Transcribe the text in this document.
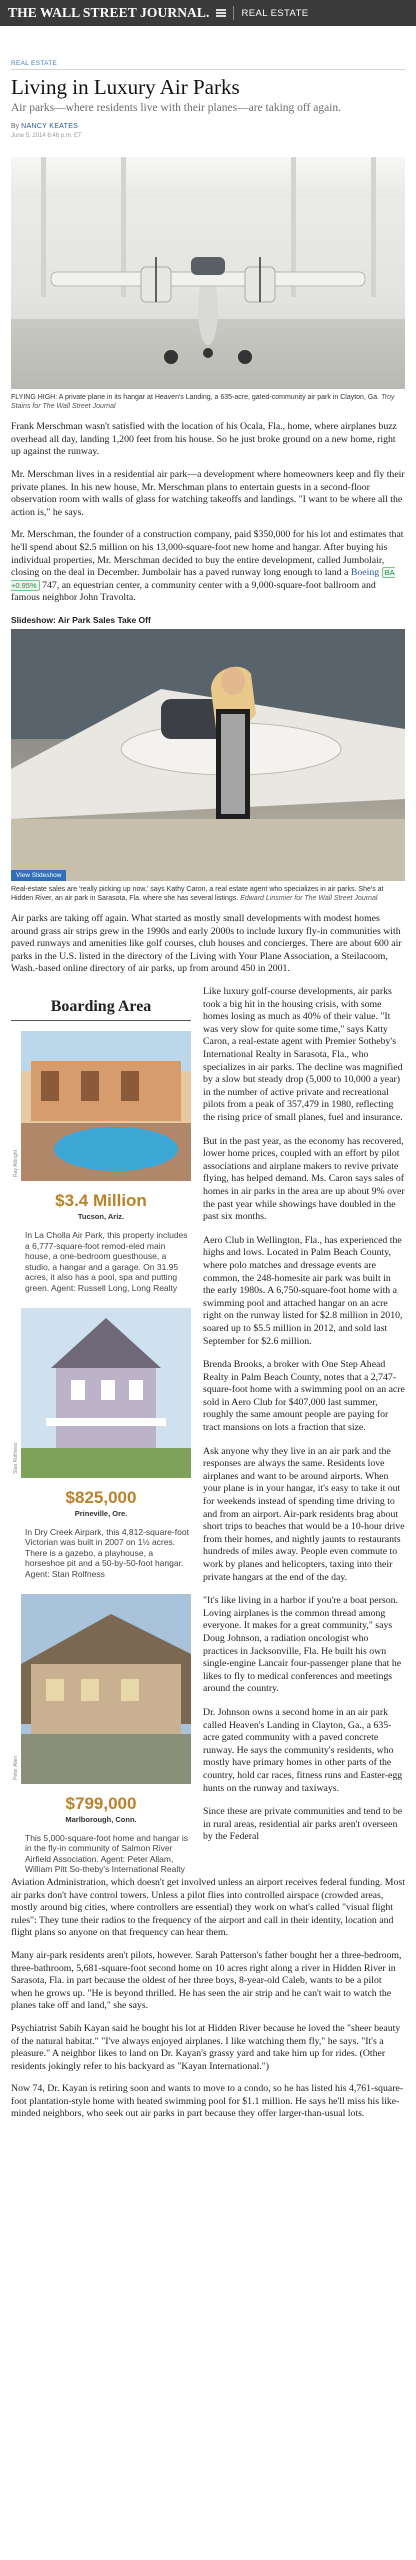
THE WALL STREET JOURNAL.	REAL ESTATE
REAL ESTATE
Living in Luxury Air Parks
Air parks—where residents live with their planes—are taking off again.
By NANCY KEATES
June 5, 2014 6:46 p.m. ET
FLYING HIGH: A private plane in its hangar at Heaven's Landing, a 635-acre, gated-community air park in Clayton, Ga. Troy Stains for The Wall Street Journal

Frank Merschman wasn't satisfied with the location of his Ocala, Fla., home, where airplanes buzz overhead all day, landing 1,200 feet from his house. So he just broke ground on a new home, right up against the runway.

Mr. Merschman lives in a residential air park—a development where homeowners keep and fly their private planes. In his new house, Mr. Merschman plans to entertain guests in a second-floor observation room with walls of glass for watching takeoffs and landings. "I want to be where all the action is," he says.

Mr. Merschman, the founder of a construction company, paid $350,000 for his lot and estimates that he'll spend about $2.5 million on his 13,000-square-foot new home and hangar. After buying his individual properties, Mr. Merschman decided to buy the entire development, called Jumbolair, closing on the deal in December. Jumbolair has a paved runway long enough to land a Boeing BA +0.95% 747, an equestrian center, a community center with a 9,000-square-foot ballroom and famous neighbor John Travolta.

Slideshow: Air Park Sales Take Off
View Slideshow
Real-estate sales are 'really picking up now,' says Kathy Caron, a real estate agent who specializes in air parks. She's at Hidden River, an air park in Sarasota, Fla. where she has several listings. Edward Linsmier for The Wall Street Journal

Air parks are taking off again. What started as mostly small developments with modest homes around grass air strips grew in the 1990s and early 2000s to include luxury fly-in communities with paved runways and amenities like golf courses, club houses and concierges. There are about 600 air parks in the U.S. listed in the directory of the Living with Your Plane Association, a Steilacoom, Wash.-based online directory of air parks, up from around 450 in 2001.

Boarding Area
Ray Albright
$3.4 Million
Tucson, Ariz.
In La Cholla Air Park, this property includes a 6,777-square-foot remod-eled main house, a one-bedroom guesthouse, a studio, a hangar and a garage. On 31.95 acres, it also has a pool, spa and putting green. Agent: Russell Long, Long Realty
Stan Rolfness
$825,000
Prineville, Ore.
In Dry Creek Airpark, this 4,812-square-foot Victorian was built in 2007 on 1½ acres. There is a gazebo, a playhouse, a horseshoe pit and a 50-by-50-foot hangar. Agent: Stan Rolfness
Peter Allen
$799,000
Marlborough, Conn.
This 5,000-square-foot home and hangar is in the fly-in community of Salmon River Airfield Association. Agent: Peter Allam, William Pitt So-theby's International Realty

Like luxury golf-course developments, air parks took a big hit in the housing crisis, with some homes losing as much as 40% of their value. "It was very slow for quite some time," says Katty Caron, a real-estate agent with Premier Sotheby's International Realty in Sarasota, Fla., who specializes in air parks. The decline was magnified by a slow but steady drop (5,000 to 10,000 a year) in the number of active private and recreational pilots from a peak of 357,479 in 1980, reflecting the rising price of small planes, fuel and insurance.

But in the past year, as the economy has recovered, lower home prices, coupled with an effort by pilot associations and airplane makers to revive private flying, has helped demand. Ms. Caron says sales of homes in air parks in the area are up about 9% over the past year while showings have doubled in the past six months.

Aero Club in Wellington, Fla., has experienced the highs and lows. Located in Palm Beach County, where polo matches and dressage events are common, the 248-homesite air park was built in the early 1980s. A 6,750-square-foot home with a swimming pool and attached hangar on an acre right on the runway listed for $2.8 million in 2010, soared up to $5.5 million in 2012, and sold last September for $2.6 million.

Brenda Brooks, a broker with One Step Ahead Realty in Palm Beach County, notes that a 2,747-square-foot home with a swimming pool on an acre sold in Aero Club for $407,000 last summer, roughly the same amount people are paying for tract mansions on lots a fraction that size.

Ask anyone why they live in an air park and the responses are always the same. Residents love airplanes and want to be around airports. When your plane is in your hangar, it's easy to take it out for weekends instead of spending time driving to and from an airport. Air-park residents brag about short trips to beaches that would be a 10-hour drive from their homes, and nightly jaunts to restaurants hundreds of miles away. People even commute to work by planes and helicopters, taxing into their private hangars at the end of the day.

"It's like living in a harbor if you're a boat person. Loving airplanes is the common thread among everyone. It makes for a great community," says Doug Johnson, a radiation oncologist who practices in Jacksonville, Fla. He built his own single-engine Lancair four-passenger plane that he likes to fly to medical conferences and meetings around the country.

Dr. Johnson owns a second home in an air park called Heaven's Landing in Clayton, Ga., a 635-acre gated community with a paved concrete runway. He says the community's residents, who mostly have primary homes in other parts of the country, hold car races, fitness runs and Easter-egg hunts on the runway and taxiways.

Since these are private communities and tend to be in rural areas, residential air parks aren't overseen by the Federal

Aviation Administration, which doesn't get involved unless an airport receives federal funding. Most air parks don't have control towers. Unless a pilot flies into controlled airspace (crowded areas, mostly around big cities, where controllers are essential) they work on what's called "visual flight rules": They tune their radios to the frequency of the airport and call in their identity, location and flight plans so anyone on that frequency can hear them.

Many air-park residents aren't pilots, however. Sarah Patterson's father bought her a three-bedroom, three-bathroom, 5,681-square-foot second home on 10 acres right along a river in Hidden River in Sarasota, Fla. in part because the oldest of her three boys, 8-year-old Caleb, wants to be a pilot when he grows up. "He is beyond thrilled. He has seen the air strip and he can't wait to watch the planes take off and land," she says.

Psychiatrist Sabih Kayan said he bought his lot at Hidden River because he loved the "sheer beauty of the natural habitat." "I've always enjoyed airplanes. I like watching them fly," he says. "It's a pleasure." A neighbor likes to land on Dr. Kayan's grassy yard and take him up for rides. (Other residents jokingly refer to his backyard as "Kayan International.")

Now 74, Dr. Kayan is retiring soon and wants to move to a condo, so he has listed his 4,761-square-foot plantation-style home with heated swimming pool for $1.1 million. He says he'll miss his like-minded neighbors, who seek out air parks in part because they offer larger-than-usual lots.
